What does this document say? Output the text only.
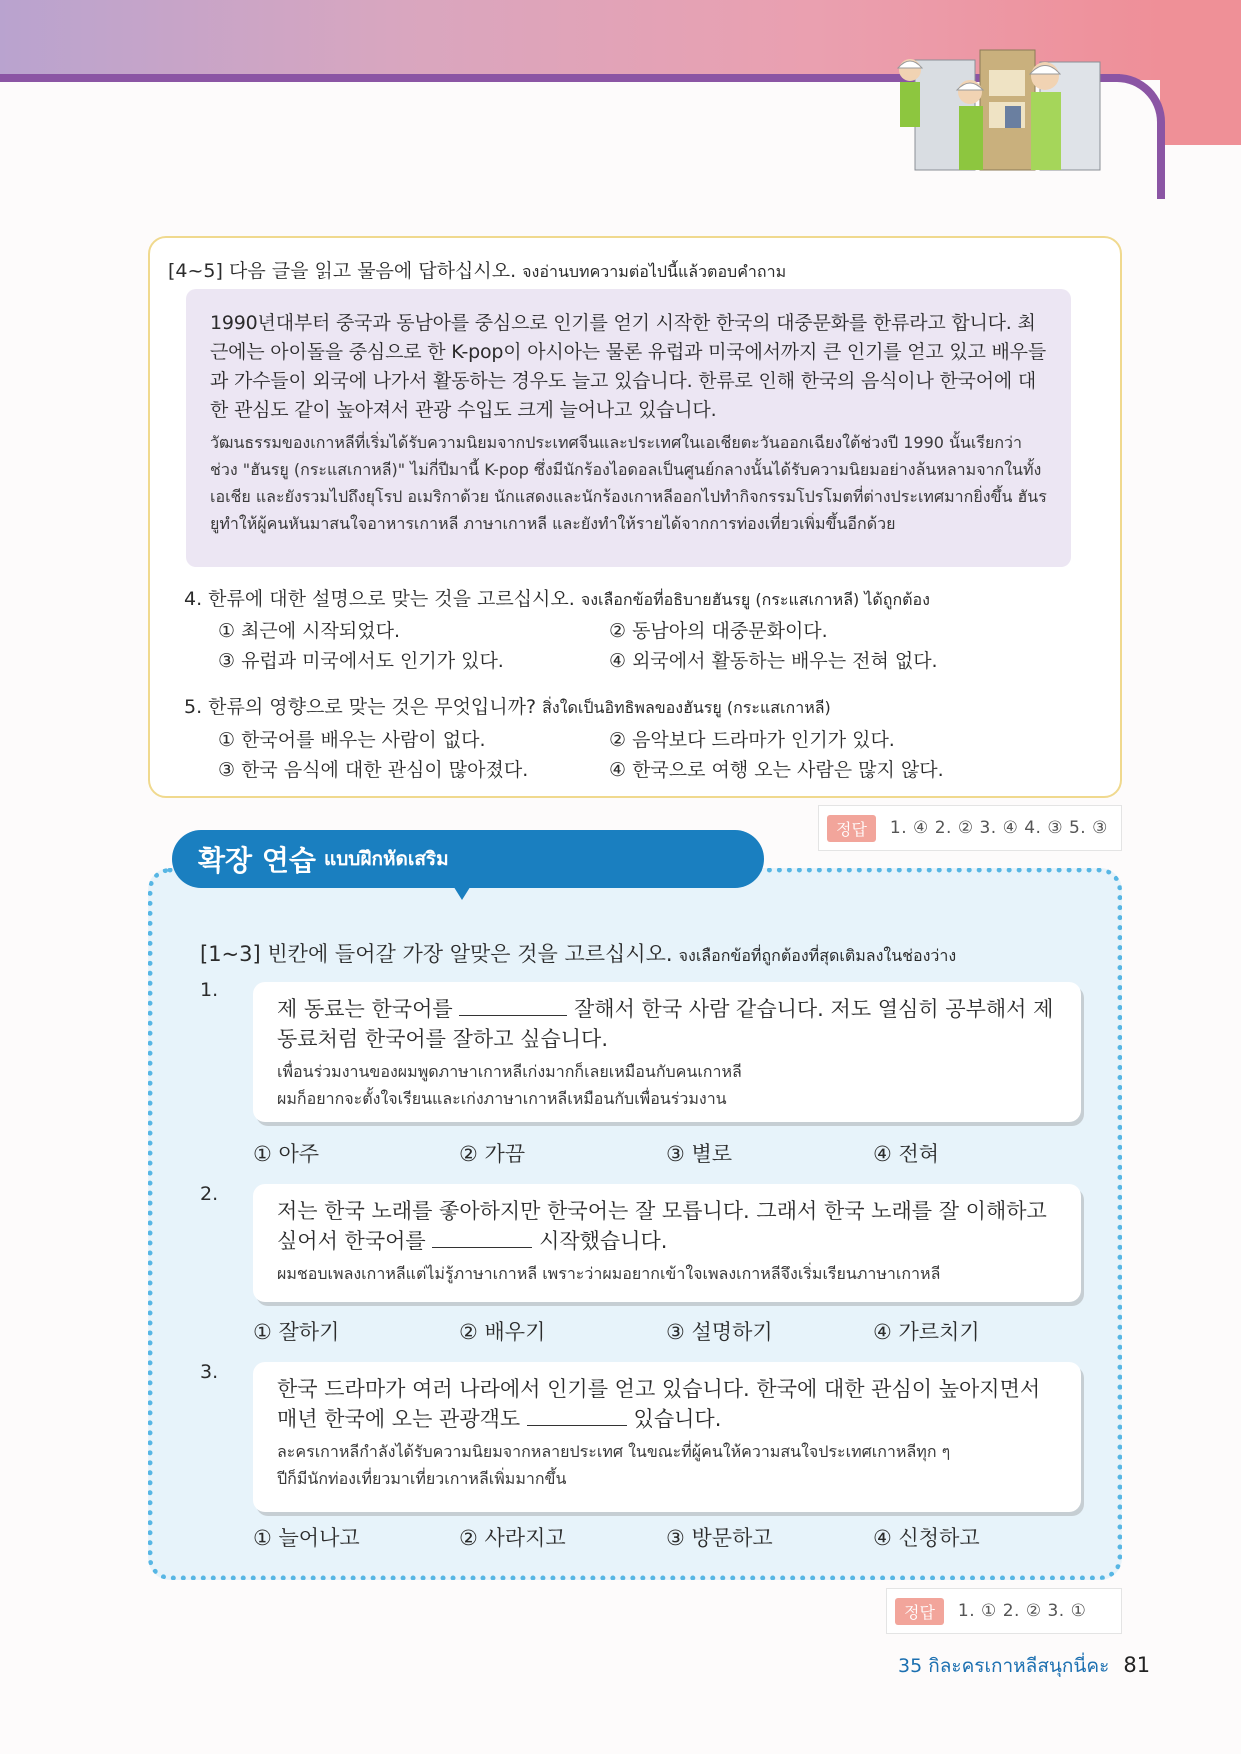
[4~5] 다음 글을 읽고 물음에 답하십시오. จงอ่านบทความต่อไปนี้แล้วตอบคำถาม

1990년대부터 중국과 동남아를 중심으로 인기를 얻기 시작한 한국의 대중문화를 한류라고 합니다. 최근에는 아이돌을 중심으로 한 K-pop이 아시아는 물론 유럽과 미국에서까지 큰 인기를 얻고 있고 배우들과 가수들이 외국에 나가서 활동하는 경우도 늘고 있습니다. 한류로 인해 한국의 음식이나 한국어에 대한 관심도 같이 높아져서 관광 수입도 크게 늘어나고 있습니다.

วัฒนธรรมของเกาหลีที่เริ่มได้รับความนิยมจากประเทศจีนและประเทศในเอเชียตะวันออกเฉียงใต้ช่วงปี 1990 นั้นเรียกว่าช่วง "ฮันรยู (กระแสเกาหลี)" ไม่กี่ปีมานี้ K-pop ซึ่งมีนักร้องไอดอลเป็นศูนย์กลางนั้นได้รับความนิยมอย่างล้นหลามจากในทั้งเอเชีย และยังรวมไปถึงยุโรป อเมริกาด้วย นักแสดงและนักร้องเกาหลีออกไปทำกิจกรรมโปรโมตที่ต่างประเทศมากยิ่งขึ้น ฮันรยูทำให้ผู้คนหันมาสนใจอาหารเกาหลี ภาษาเกาหลี และยังทำให้รายได้จากการท่องเที่ยวเพิ่มขึ้นอีกด้วย

4. 한류에 대한 설명으로 맞는 것을 고르십시오. จงเลือกข้อที่อธิบายฮันรยู (กระแสเกาหลี) ได้ถูกต้อง
① 최근에 시작되었다.	② 동남아의 대중문화이다.
③ 유럽과 미국에서도 인기가 있다.	④ 외국에서 활동하는 배우는 전혀 없다.
5. 한류의 영향으로 맞는 것은 무엇입니까? สิ่งใดเป็นอิทธิพลของฮันรยู (กระแสเกาหลี)
① 한국어를 배우는 사람이 없다.	② 음악보다 드라마가 인기가 있다.
③ 한국 음식에 대한 관심이 많아졌다.	④ 한국으로 여행 오는 사람은 많지 않다.
정답	1. ④ 2. ② 3. ④ 4. ③ 5. ③
확장 연습 แบบฝึกหัดเสริม
[1~3] 빈칸에 들어갈 가장 알맞은 것을 고르십시오. จงเลือกข้อที่ถูกต้องที่สุดเติมลงในช่องว่าง
1.

제 동료는 한국어를	잘해서 한국 사람 같습니다. 저도 열심히 공부해서 제 동료처럼 한국어를 잘하고 싶습니다.

เพื่อนร่วมงานของผมพูดภาษาเกาหลีเก่งมากก็เลยเหมือนกับคนเกาหลี
ผมก็อยากจะตั้งใจเรียนและเก่งภาษาเกาหลีเหมือนกับเพื่อนร่วมงาน

① 아주	② 가끔	③ 별로	④ 전혀
2.

저는 한국 노래를 좋아하지만 한국어는 잘 모릅니다. 그래서 한국 노래를 잘 이해하고 싶어서 한국어를	시작했습니다.

ผมชอบเพลงเกาหลีแต่ไม่รู้ภาษาเกาหลี เพราะว่าผมอยากเข้าใจเพลงเกาหลีจึงเริ่มเรียนภาษาเกาหลี

① 잘하기	② 배우기	③ 설명하기	④ 가르치기
3.

한국 드라마가 여러 나라에서 인기를 얻고 있습니다. 한국에 대한 관심이 높아지면서 매년 한국에 오는 관광객도	있습니다.

ละครเกาหลีกำลังได้รับความนิยมจากหลายประเทศ ในขณะที่ผู้คนให้ความสนใจประเทศเกาหลีทุก ๆ
ปีก็มีนักท่องเที่ยวมาเที่ยวเกาหลีเพิ่มมากขึ้น

① 늘어나고	② 사라지고	③ 방문하고	④ 신청하고
정답	1. ① 2. ② 3. ①
35 กิละครเกาหลีสนุกนี่คะ 81
